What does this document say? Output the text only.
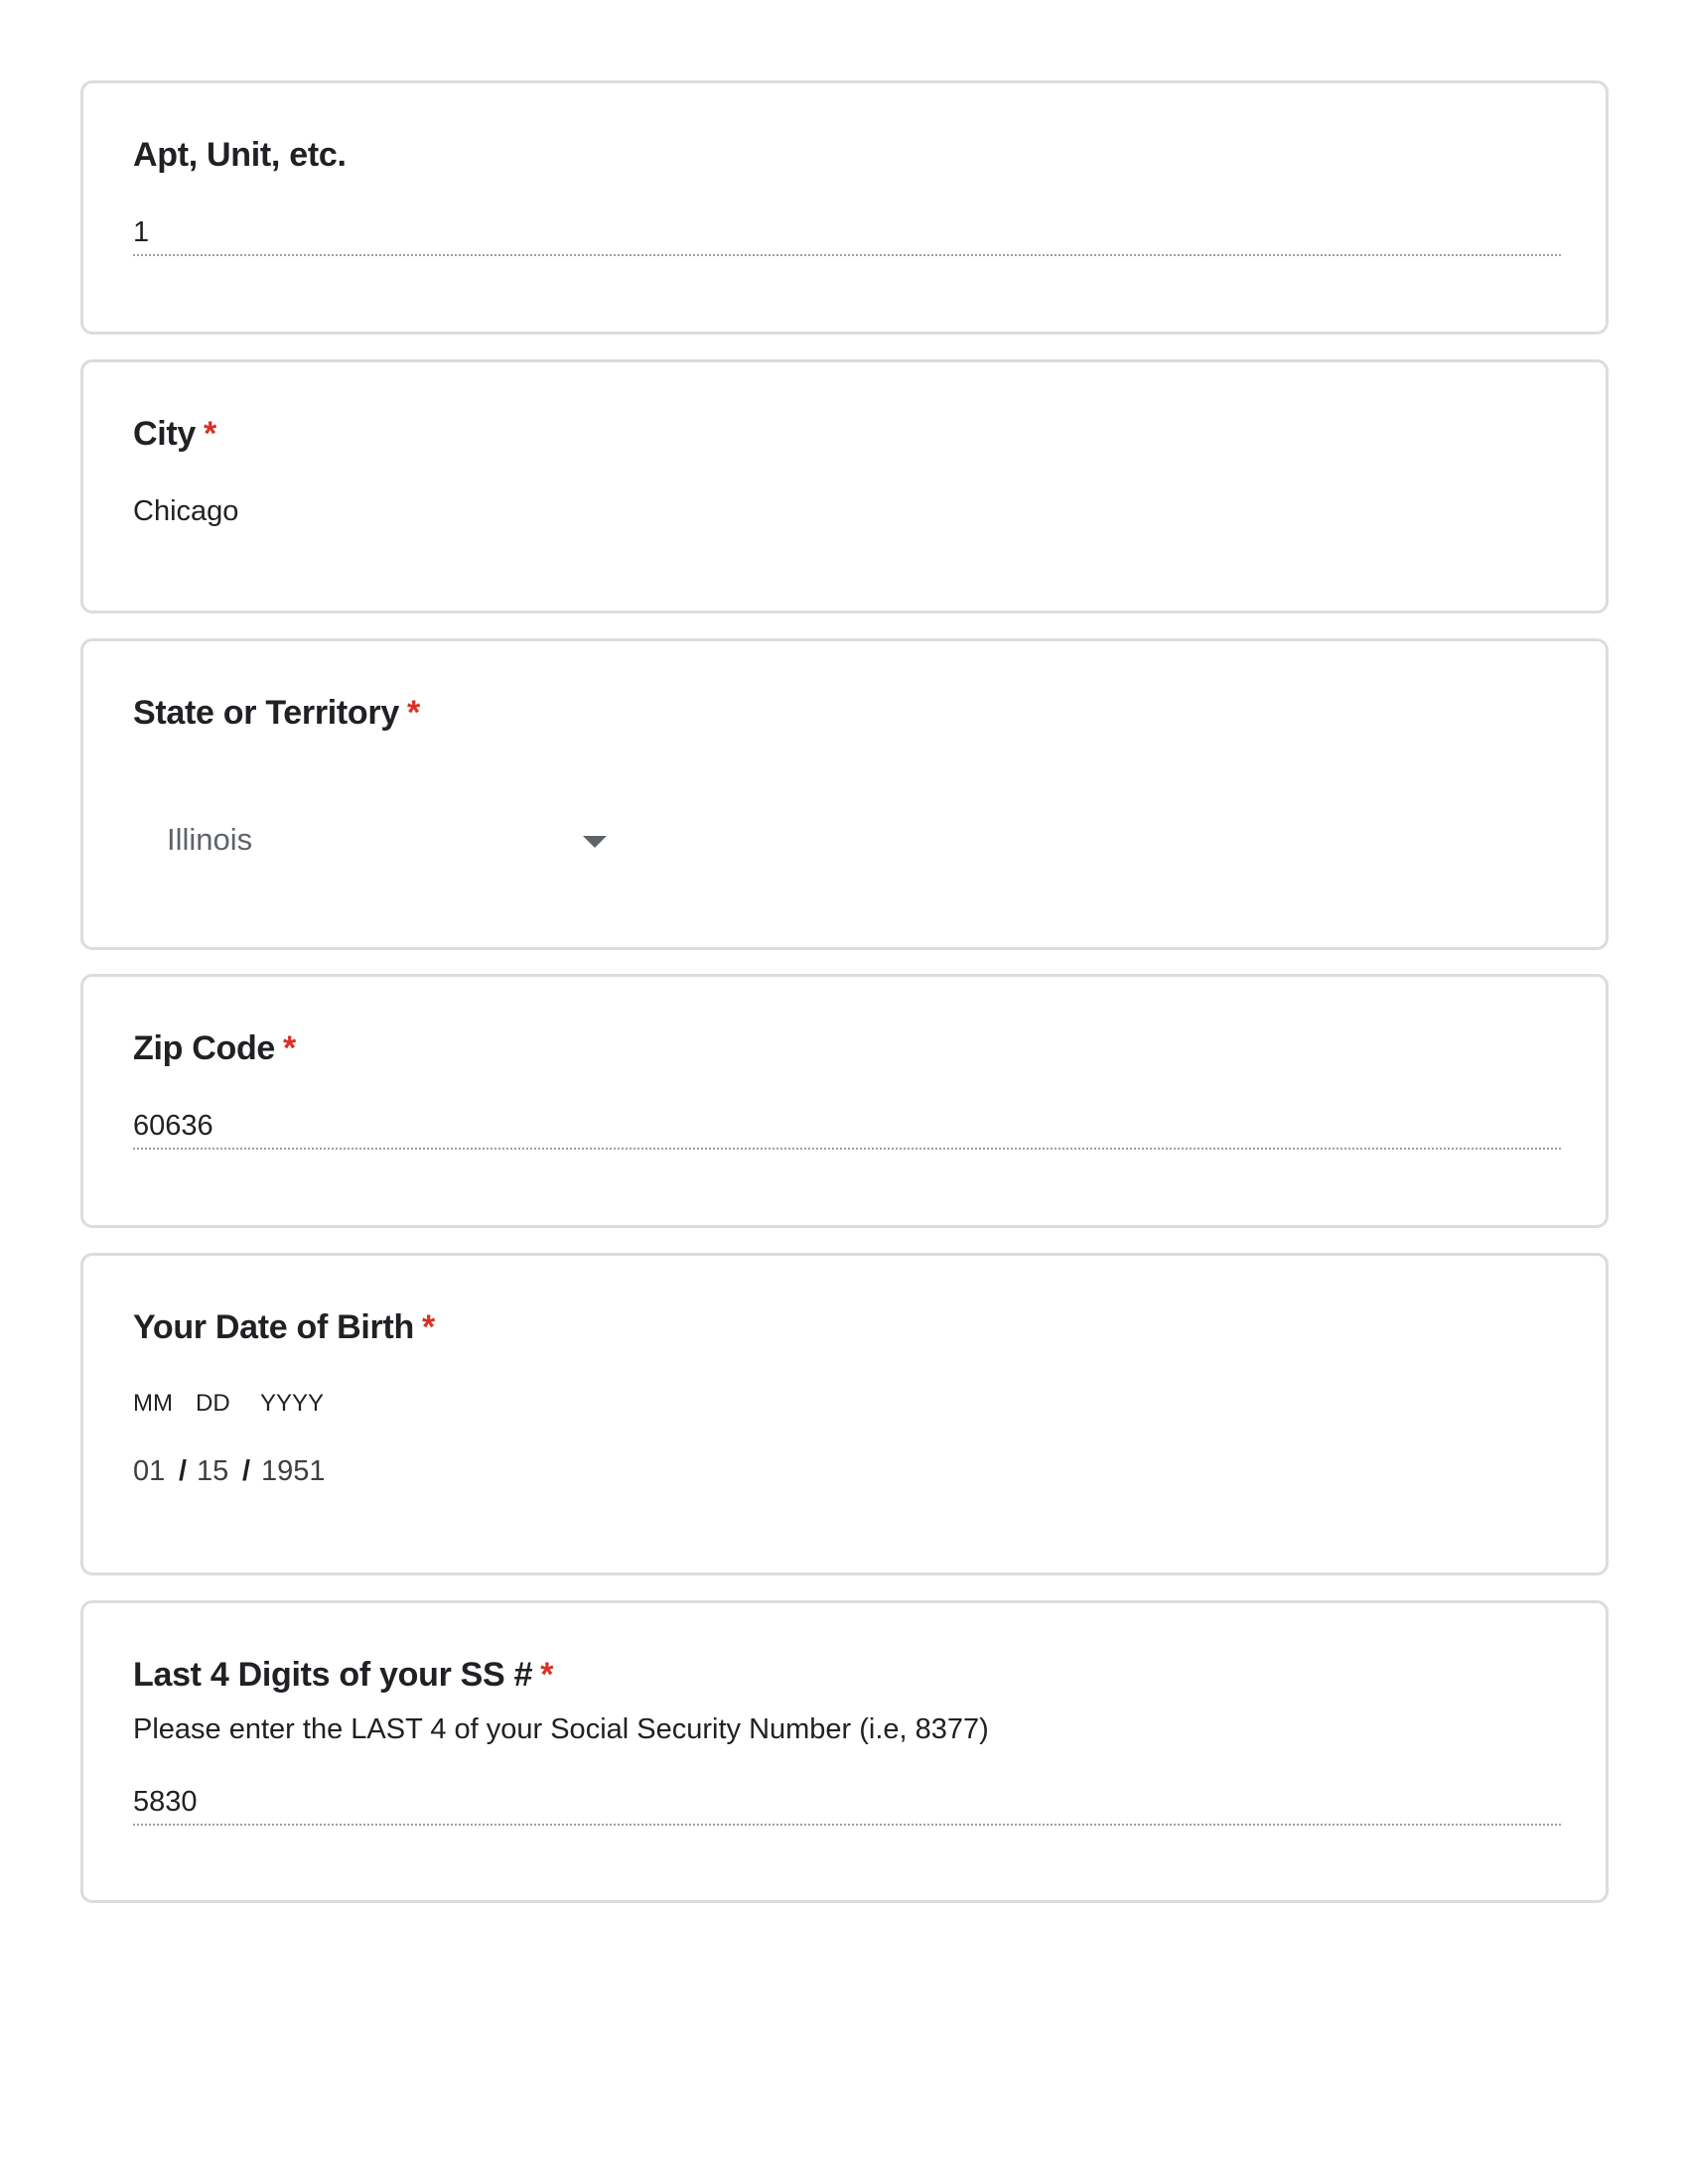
Apt, Unit, etc.
1
City *
Chicago
State or Territory *
Illinois
Zip Code *
60636
Your Date of Birth *
MM DD YYYY
01 / 15 / 1951
Last 4 Digits of your SS # *
Please enter the LAST 4 of your Social Security Number (i.e, 8377)
5830
